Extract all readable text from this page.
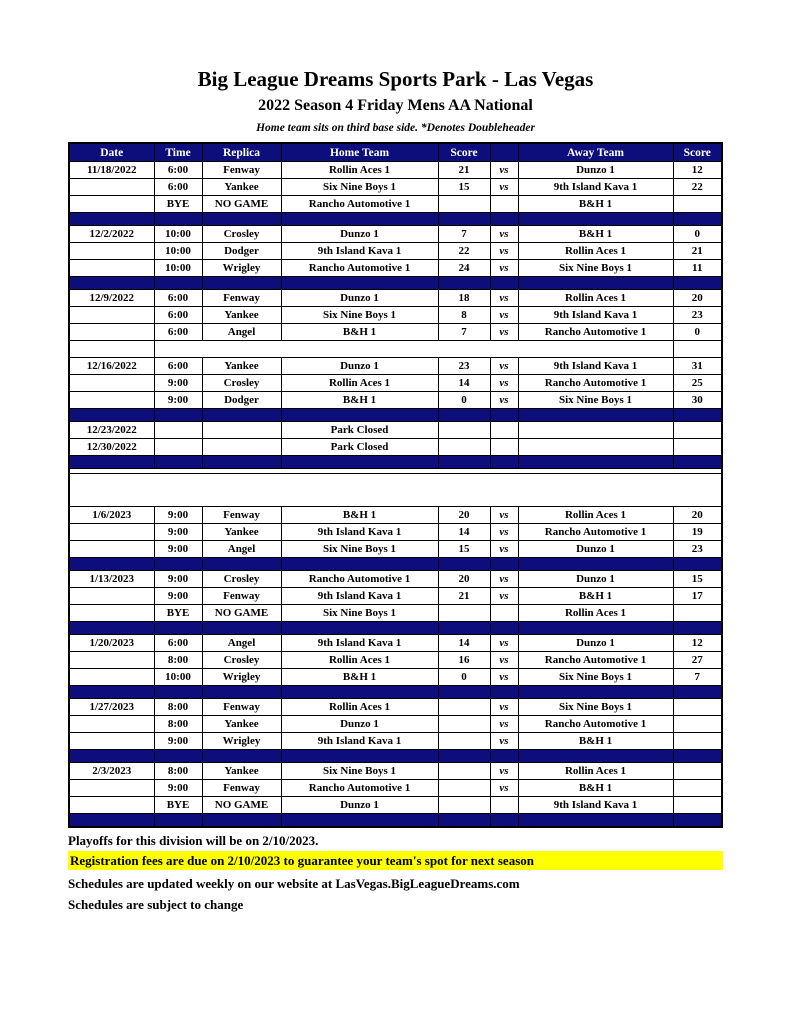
Big League Dreams Sports Park - Las Vegas
2022 Season 4 Friday Mens AA National
Home team sits on third base side. *Denotes Doubleheader
Date	Time	Replica	Home Team	Score		Away Team	Score
11/18/2022	6:00	Fenway	Rollin Aces 1	21	vs	Dunzo 1	12
	6:00	Yankee	Six Nine Boys 1	15	vs	9th Island Kava 1	22
	BYE	NO GAME	Rancho Automotive 1			B&H 1	

12/2/2022	10:00	Crosley	Dunzo 1	7	vs	B&H 1	0
	10:00	Dodger	9th Island Kava 1	22	vs	Rollin Aces 1	21
	10:00	Wrigley	Rancho Automotive 1	24	vs	Six Nine Boys 1	11

12/9/2022	6:00	Fenway	Dunzo 1	18	vs	Rollin Aces 1	20
	6:00	Yankee	Six Nine Boys 1	8	vs	9th Island Kava 1	23
	6:00	Angel	B&H 1	7	vs	Rancho Automotive 1	0
	12/16 - All fees are due by the end of the night or games will be recorded as a forfeit						
12/16/2022	6:00	Yankee	Dunzo 1	23	vs	9th Island Kava 1	31
	9:00	Crosley	Rollin Aces 1	14	vs	Rancho Automotive 1	25
	9:00	Dodger	B&H 1	0	vs	Six Nine Boys 1	30

12/23/2022			Park Closed				
12/30/2022			Park Closed				

1/6 -Rosters are frozen after tonight, only players with their names on the signed roster are eligible for playoffs.
Please check carefully as changes will not be made for omissions.							

1/6/2023	9:00	Fenway	B&H 1	20	vs	Rollin Aces 1	20
	9:00	Yankee	9th Island Kava 1	14	vs	Rancho Automotive 1	19
	9:00	Angel	Six Nine Boys 1	15	vs	Dunzo 1	23

1/13/2023	9:00	Crosley	Rancho Automotive 1	20	vs	Dunzo 1	15
	9:00	Fenway	9th Island Kava 1	21	vs	B&H 1	17
	BYE	NO GAME	Six Nine Boys 1			Rollin Aces 1	

1/20/2023	6:00	Angel	9th Island Kava 1	14	vs	Dunzo 1	12
	8:00	Crosley	Rollin Aces 1	16	vs	Rancho Automotive 1	27
	10:00	Wrigley	B&H 1	0	vs	Six Nine Boys 1	7

1/27/2023	8:00	Fenway	Rollin Aces 1		vs	Six Nine Boys 1	
	8:00	Yankee	Dunzo 1		vs	Rancho Automotive 1	
	9:00	Wrigley	9th Island Kava 1		vs	B&H 1	

2/3/2023	8:00	Yankee	Six Nine Boys 1		vs	Rollin Aces 1	
	9:00	Fenway	Rancho Automotive 1		vs	B&H 1	
	BYE	NO GAME	Dunzo 1			9th Island Kava 1	

Playoffs for this division will be on 2/10/2023.
Registration fees are due on 2/10/2023 to guarantee your team's spot for next season
Schedules are updated weekly on our website at LasVegas.BigLeagueDreams.com
Schedules are subject to change
